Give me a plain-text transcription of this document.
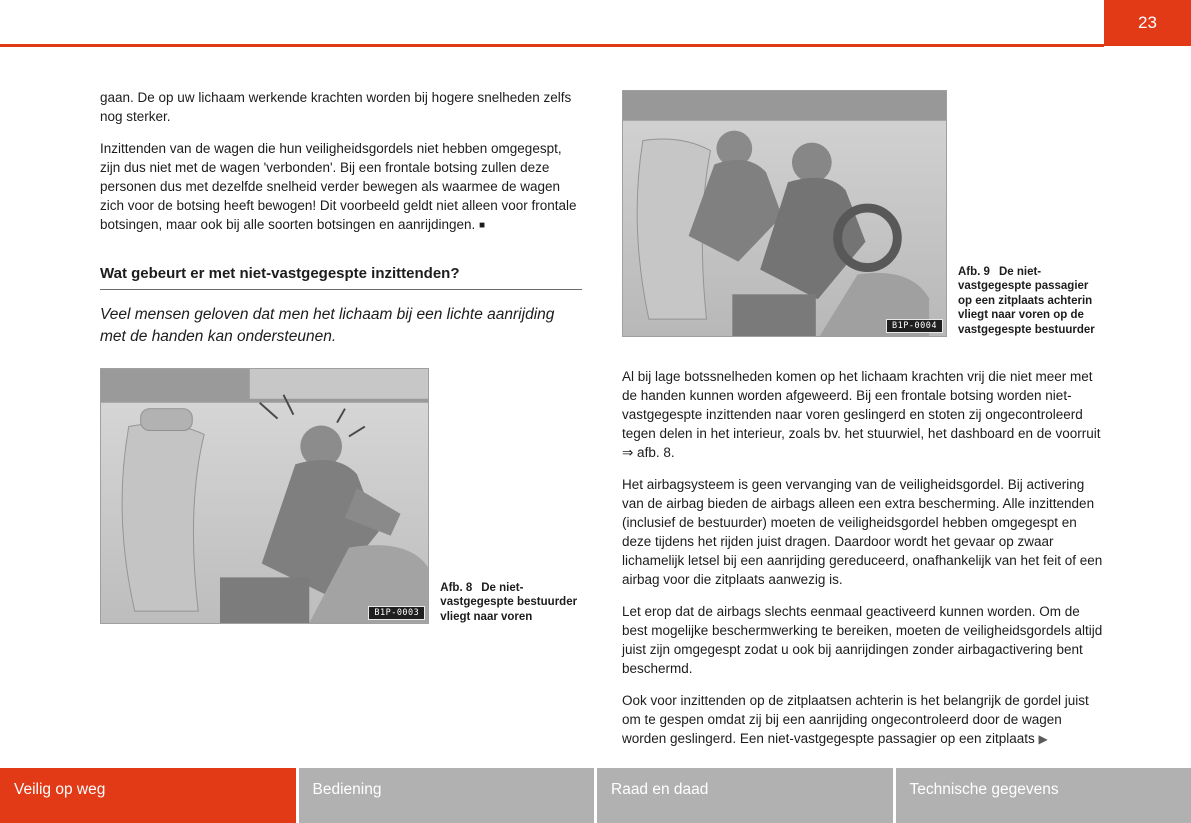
23

gaan. De op uw lichaam werkende krachten worden bij hogere snelheden zelfs nog sterker.

Inzittenden van de wagen die hun veiligheidsgordels niet hebben omgegespt, zijn dus niet met de wagen 'verbonden'. Bij een frontale botsing zullen deze personen dus met dezelfde snelheid verder bewegen als waarmee de wagen zich voor de botsing heeft bewogen! Dit voorbeeld geldt niet alleen voor frontale botsingen, maar ook bij alle soorten botsingen en aanrijdingen. ■

Wat gebeurt er met niet-vastgegespte inzittenden?

Veel mensen geloven dat men het lichaam bij een lichte aanrijding met de handen kan ondersteunen.

B1P-0003
Afb. 8 De niet-vastgegespte bestuurder vliegt naar voren
B1P-0004
Afb. 9 De niet-vastgegespte passagier op een zitplaats achterin vliegt naar voren op de vastgegespte bestuurder

Al bij lage botssnelheden komen op het lichaam krachten vrij die niet meer met de handen kunnen worden afgeweerd. Bij een frontale botsing worden niet-vastgegespte inzittenden naar voren geslingerd en stoten zij ongecontroleerd tegen delen in het interieur, zoals bv. het stuurwiel, het dashboard en de voorruit ⇒ afb. 8.

Het airbagsysteem is geen vervanging van de veiligheidsgordel. Bij activering van de airbag bieden de airbags alleen een extra bescherming. Alle inzittenden (inclusief de bestuurder) moeten de veiligheidsgordel hebben omgegespt en deze tijdens het rijden juist dragen. Daardoor wordt het gevaar op zwaar lichamelijk letsel bij een aanrijding gereduceerd, onafhankelijk van het feit of een airbag voor die zitplaats aanwezig is.

Let erop dat de airbags slechts eenmaal geactiveerd kunnen worden. Om de best mogelijke beschermwerking te bereiken, moeten de veiligheidsgordels altijd juist zijn omgegespt zodat u ook bij aanrijdingen zonder airbagactivering bent beschermd.

Ook voor inzittenden op de zitplaatsen achterin is het belangrijk de gordel juist om te gespen omdat zij bij een aanrijding ongecontroleerd door de wagen worden geslingerd. Een niet-vastgegespte passagier op een zitplaats ▶

Veilig op weg	Bediening	Raad en daad	Technische gegevens
